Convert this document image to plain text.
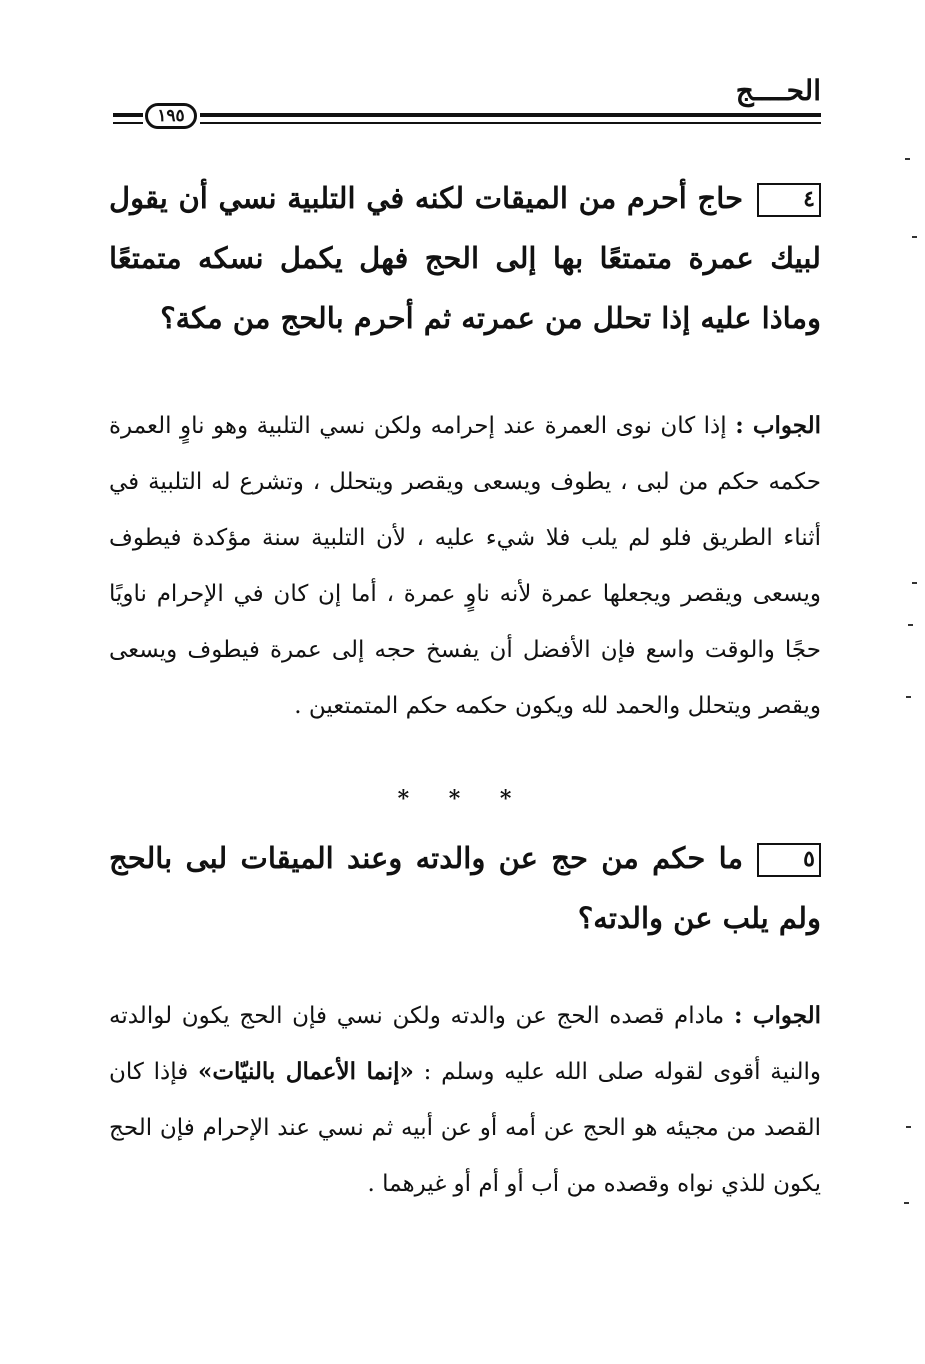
الحــــج
١٩٥
٤حاج أحرم من الميقات لكنه في التلبية نسي أن يقول لبيك عمرة متمتعًا بها إلى الحج فهل يكمل نسكه متمتعًا وماذا عليه إذا تحلل من عمرته ثم أحرم بالحج من مكة؟
الجواب : إذا كان نوى العمرة عند إحرامه ولكن نسي التلبية وهو ناوٍ العمرة حكمه حكم من لبى ، يطوف ويسعى ويقصر ويتحلل ، وتشرع له التلبية في أثناء الطريق فلو لم يلب فلا شيء عليه ، لأن التلبية سنة مؤكدة فيطوف ويسعى ويقصر ويجعلها عمرة لأنه ناوٍ عمرة ، أما إن كان في الإحرام ناويًا حجًا والوقت واسع فإن الأفضل أن يفسخ حجه إلى عمرة فيطوف ويسعى ويقصر ويتحلل والحمد لله ويكون حكمه حكم المتمتعين .
* * *
٥ما حكم من حج عن والدته وعند الميقات لبى بالحج ولم يلب عن والدته؟
الجواب : مادام قصده الحج عن والدته ولكن نسي فإن الحج يكون لوالدته والنية أقوى لقوله صلى الله عليه وسلم : «إنما الأعمال بالنيّات» فإذا كان القصد من مجيئه هو الحج عن أمه أو عن أبيه ثم نسي عند الإحرام فإن الحج يكون للذي نواه وقصده من أب أو أم أو غيرهما .
